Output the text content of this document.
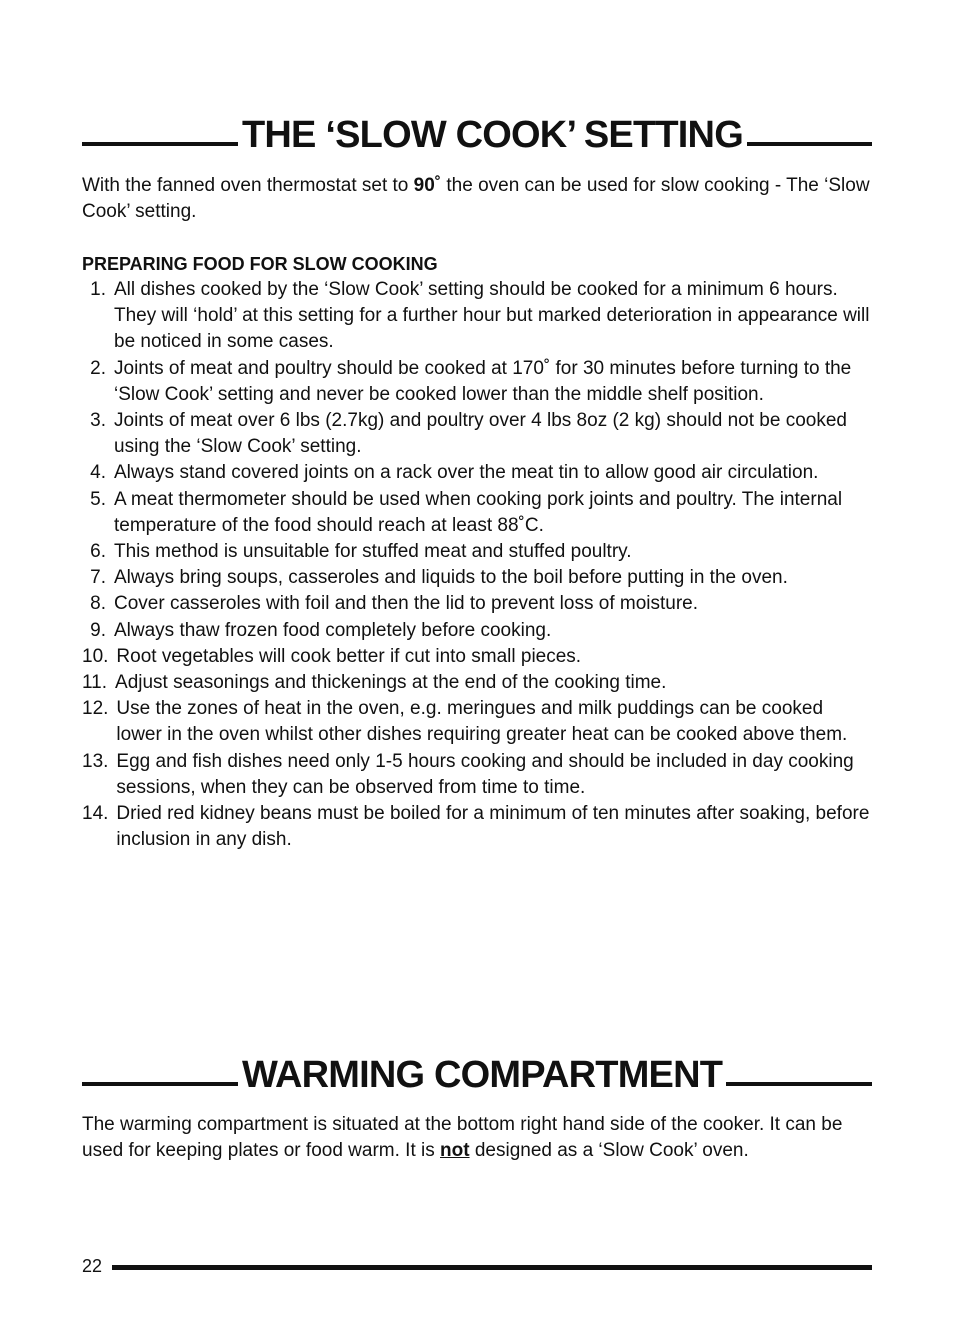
THE ‘SLOW COOK’ SETTING

With the fanned oven thermostat set to 90˚ the oven can be used for slow cooking - The ‘Slow Cook’ setting.

PREPARING FOOD FOR SLOW COOKING

1. All dishes cooked by the ‘Slow Cook’ setting should be cooked for a minimum 6 hours. They will ‘hold’ at this setting for a further hour but marked deterioration in appearance will be noticed in some cases.
2. Joints of meat and poultry should be cooked at 170˚ for 30 minutes before turning to the ‘Slow Cook’ setting and never be cooked lower than the middle shelf position.
3. Joints of meat over 6 lbs (2.7kg) and poultry over 4 lbs 8oz (2 kg) should not be cooked using the ‘Slow Cook’ setting.
4. Always stand covered joints on a rack over the meat tin to allow good air circulation.
5. A meat thermometer should be used when cooking pork joints and poultry. The internal temperature of the food should reach at least 88˚C.
6. This method is unsuitable for stuffed meat and stuffed poultry.
7. Always bring soups, casseroles and liquids to the boil before putting in the oven.
8. Cover casseroles with foil and then the lid to prevent loss of moisture.
9. Always thaw frozen food completely before cooking.
10. Root vegetables will cook better if cut into small pieces.
11. Adjust seasonings and thickenings at the end of the cooking time.
12. Use the zones of heat in the oven, e.g. meringues and milk puddings can be cooked lower in the oven whilst other dishes requiring greater heat can be cooked above them.
13. Egg and fish dishes need only 1-5 hours cooking and should be included in day cooking sessions, when they can be observed from time to time.
14. Dried red kidney beans must be boiled for a minimum of ten minutes after soaking, before inclusion in any dish.
WARMING COMPARTMENT

The warming compartment is situated at the bottom right hand side of the cooker. It can be used for keeping plates or food warm. It is not designed as a ‘Slow Cook’ oven.

22
